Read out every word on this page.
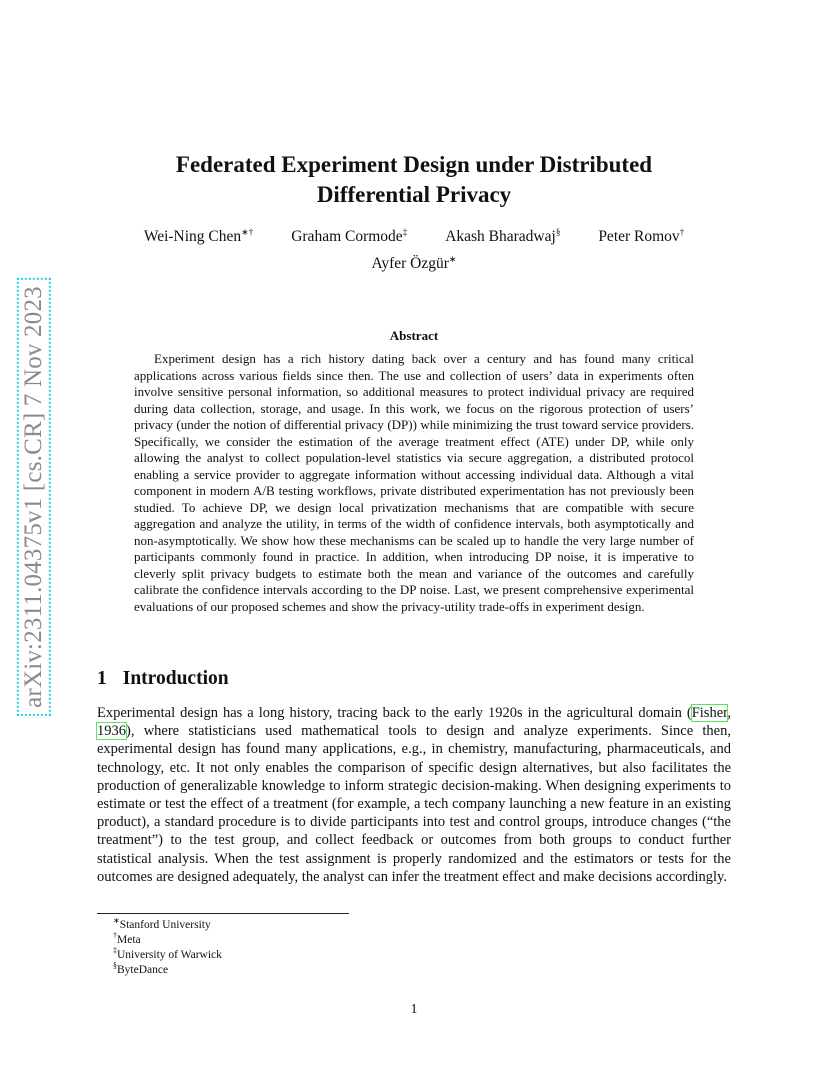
arXiv:2311.04375v1 [cs.CR] 7 Nov 2023
Federated Experiment Design under Distributed
Differential Privacy
Wei-Ning Chen∗† Graham Cormode‡ Akash Bharadwaj§ Peter Romov†
Ayfer Özgür∗
Abstract

Experiment design has a rich history dating back over a century and has found many critical applications across various fields since then. The use and collection of users’ data in experiments often involve sensitive personal information, so additional measures to protect individual privacy are required during data collection, storage, and usage. In this work, we focus on the rigorous protection of users’ privacy (under the notion of differential privacy (DP)) while minimizing the trust toward service providers. Specifically, we consider the estimation of the average treatment effect (ATE) under DP, while only allowing the analyst to collect population-level statistics via secure aggregation, a distributed protocol enabling a service provider to aggregate information without accessing individual data. Although a vital component in modern A/B testing workflows, private distributed experimentation has not previously been studied. To achieve DP, we design local privatization mechanisms that are compatible with secure aggregation and analyze the utility, in terms of the width of confidence intervals, both asymptotically and non-asymptotically. We show how these mechanisms can be scaled up to handle the very large number of participants commonly found in practice. In addition, when introducing DP noise, it is imperative to cleverly split privacy budgets to estimate both the mean and variance of the outcomes and carefully calibrate the confidence intervals according to the DP noise. Last, we present comprehensive experimental evaluations of our proposed schemes and show the privacy-utility trade-offs in experiment design.

1 Introduction

Experimental design has a long history, tracing back to the early 1920s in the agricultural domain (Fisher, 1936), where statisticians used mathematical tools to design and analyze experiments. Since then, experimental design has found many applications, e.g., in chemistry, manufacturing, pharmaceuticals, and technology, etc. It not only enables the comparison of specific design alternatives, but also facilitates the production of generalizable knowledge to inform strategic decision-making. When designing experiments to estimate or test the effect of a treatment (for example, a tech company launching a new feature in an existing product), a standard procedure is to divide participants into test and control groups, introduce changes (“the treatment”) to the test group, and collect feedback or outcomes from both groups to conduct further statistical analysis. When the test assignment is properly randomized and the estimators or tests for the outcomes are designed adequately, the analyst can infer the treatment effect and make decisions accordingly.

∗Stanford University
†Meta
‡University of Warwick
§ByteDance
1
